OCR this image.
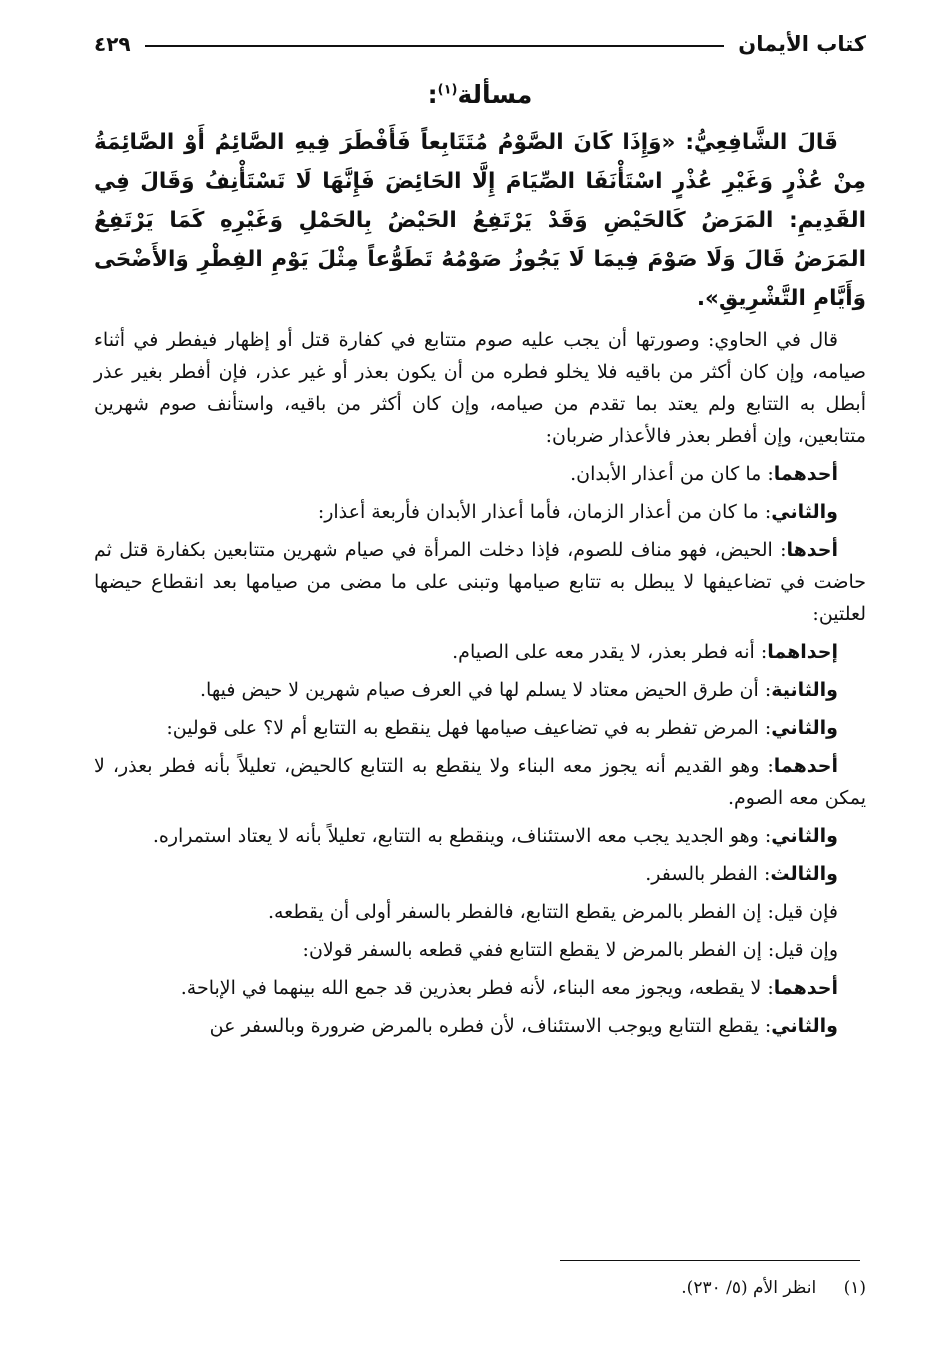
كتاب الأيمان
٤٢٩
مسألة$^{(١)}$:

قَالَ الشَّافِعِيُّ: «وَإِذَا كَانَ الصَّوْمُ مُتَتَابِعاً فَأَفْطَرَ فِيهِ الصَّائِمُ أَوْ الصَّائِمَةُ مِنْ عُذْرٍ وَغَيْرِ عُذْرٍ اسْتَأْنَفَا الصِّيَامَ إِلَّا الحَائِضَ فَإِنَّهَا لَا تَسْتَأْنِفُ وَقَالَ فِي القَدِيمِ: المَرَضُ كَالحَيْضِ وَقَدْ يَرْتَفِعُ الحَيْضُ بِالحَمْلِ وَغَيْرِهِ كَمَا يَرْتَفِعُ المَرَضُ قَالَ وَلَا صَوْمَ فِيمَا لَا يَجُوزُ صَوْمُهُ تَطَوُّعاً مِثْلَ يَوْمِ الفِطْرِ وَالأَضْحَى وَأَيَّامِ التَّشْرِيقِ».

قال في الحاوي: وصورتها أن يجب عليه صوم متتابع في كفارة قتل أو إظهار فيفطر في أثناء صيامه، وإن كان أكثر من باقيه فلا يخلو فطره من أن يكون بعذر أو غير عذر، فإن أفطر بغير عذر أبطل به التتابع ولم يعتد بما تقدم من صيامه، وإن كان أكثر من باقيه، واستأنف صوم شهرين متتابعين، وإن أفطر بعذر فالأعذار ضربان:

أحدهما: ما كان من أعذار الأبدان.

والثاني: ما كان من أعذار الزمان، فأما أعذار الأبدان فأربعة أعذار:

أحدها: الحيض، فهو مناف للصوم، فإذا دخلت المرأة في صيام شهرين متتابعين بكفارة قتل ثم حاضت في تضاعيفها لا يبطل به تتابع صيامها وتبنى على ما مضى من صيامها بعد انقطاع حيضها لعلتين:

إحداهما: أنه فطر بعذر، لا يقدر معه على الصيام.

والثانية: أن طرق الحيض معتاد لا يسلم لها في العرف صيام شهرين لا حيض فيها.

والثاني: المرض تفطر به في تضاعيف صيامها فهل ينقطع به التتابع أم لا؟ على قولين:

أحدهما: وهو القديم أنه يجوز معه البناء ولا ينقطع به التتابع كالحيض، تعليلاً بأنه فطر بعذر، لا يمكن معه الصوم.

والثاني: وهو الجديد يجب معه الاستئناف، وينقطع به التتابع، تعليلاً بأنه لا يعتاد استمراره.

والثالث: الفطر بالسفر.

فإن قيل: إن الفطر بالمرض يقطع التتابع، فالفطر بالسفر أولى أن يقطعه.

وإن قيل: إن الفطر بالمرض لا يقطع التتابع ففي قطعه بالسفر قولان:

أحدهما: لا يقطعه، ويجوز معه البناء، لأنه فطر بعذرين قد جمع الله بينهما في الإباحة.

والثاني: يقطع التتابع ويوجب الاستئناف، لأن فطره بالمرض ضرورة وبالسفر عن

(١) انظر الأم (٥/ ٢٣٠).
